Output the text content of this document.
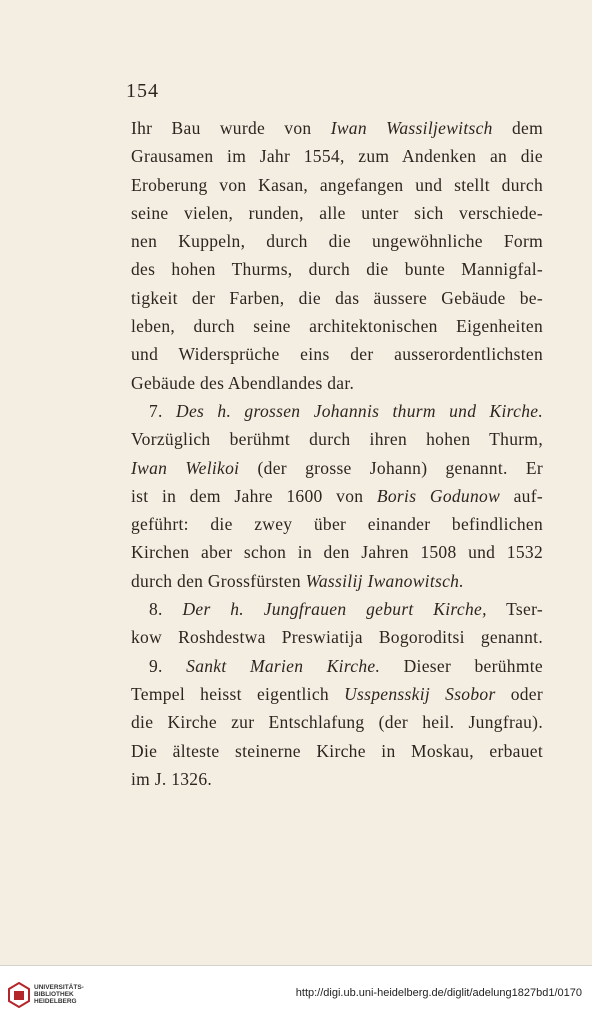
154
Ihr Bau wurde von Iwan Wassiljewitsch dem
Grausamen im Jahr 1554, zum Andenken an die
Eroberung von Kasan, angefangen und stellt durch
seine vielen, runden, alle unter sich verschiede-
nen Kuppeln, durch die ungewöhnliche Form
des hohen Thurms, durch die bunte Mannigfal-
tigkeit der Farben, die das äussere Gebäude be-
leben, durch seine architektonischen Eigenheiten
und Widersprüche eins der ausserordentlichsten
Gebäude des Abendlandes dar.
7. Des h. grossen Johannis thurm und Kirche.
Vorzüglich berühmt durch ihren hohen Thurm,
Iwan Welikoi (der grosse Johann) genannt. Er
ist in dem Jahre 1600 von Boris Godunow auf-
geführt: die zwey über einander befindlichen
Kirchen aber schon in den Jahren 1508 und 1532
durch den Grossfürsten Wassilij Iwanowitsch.
8. Der h. Jungfrauen geburt Kirche, Tser-
kow Roshdestwa Preswiatija Bogoroditsi genannt.
9. Sankt Marien Kirche. Dieser berühmte
Tempel heisst eigentlich Usspensskij Ssobor oder
die Kirche zur Entschlafung (der heil. Jungfrau).
Die älteste steinerne Kirche in Moskau, erbauet
im J. 1326.
UNIVERSITÄTS-
BIBLIOTHEK
HEIDELBERG
http://digi.ub.uni-heidelberg.de/diglit/adelung1827bd1/0170
